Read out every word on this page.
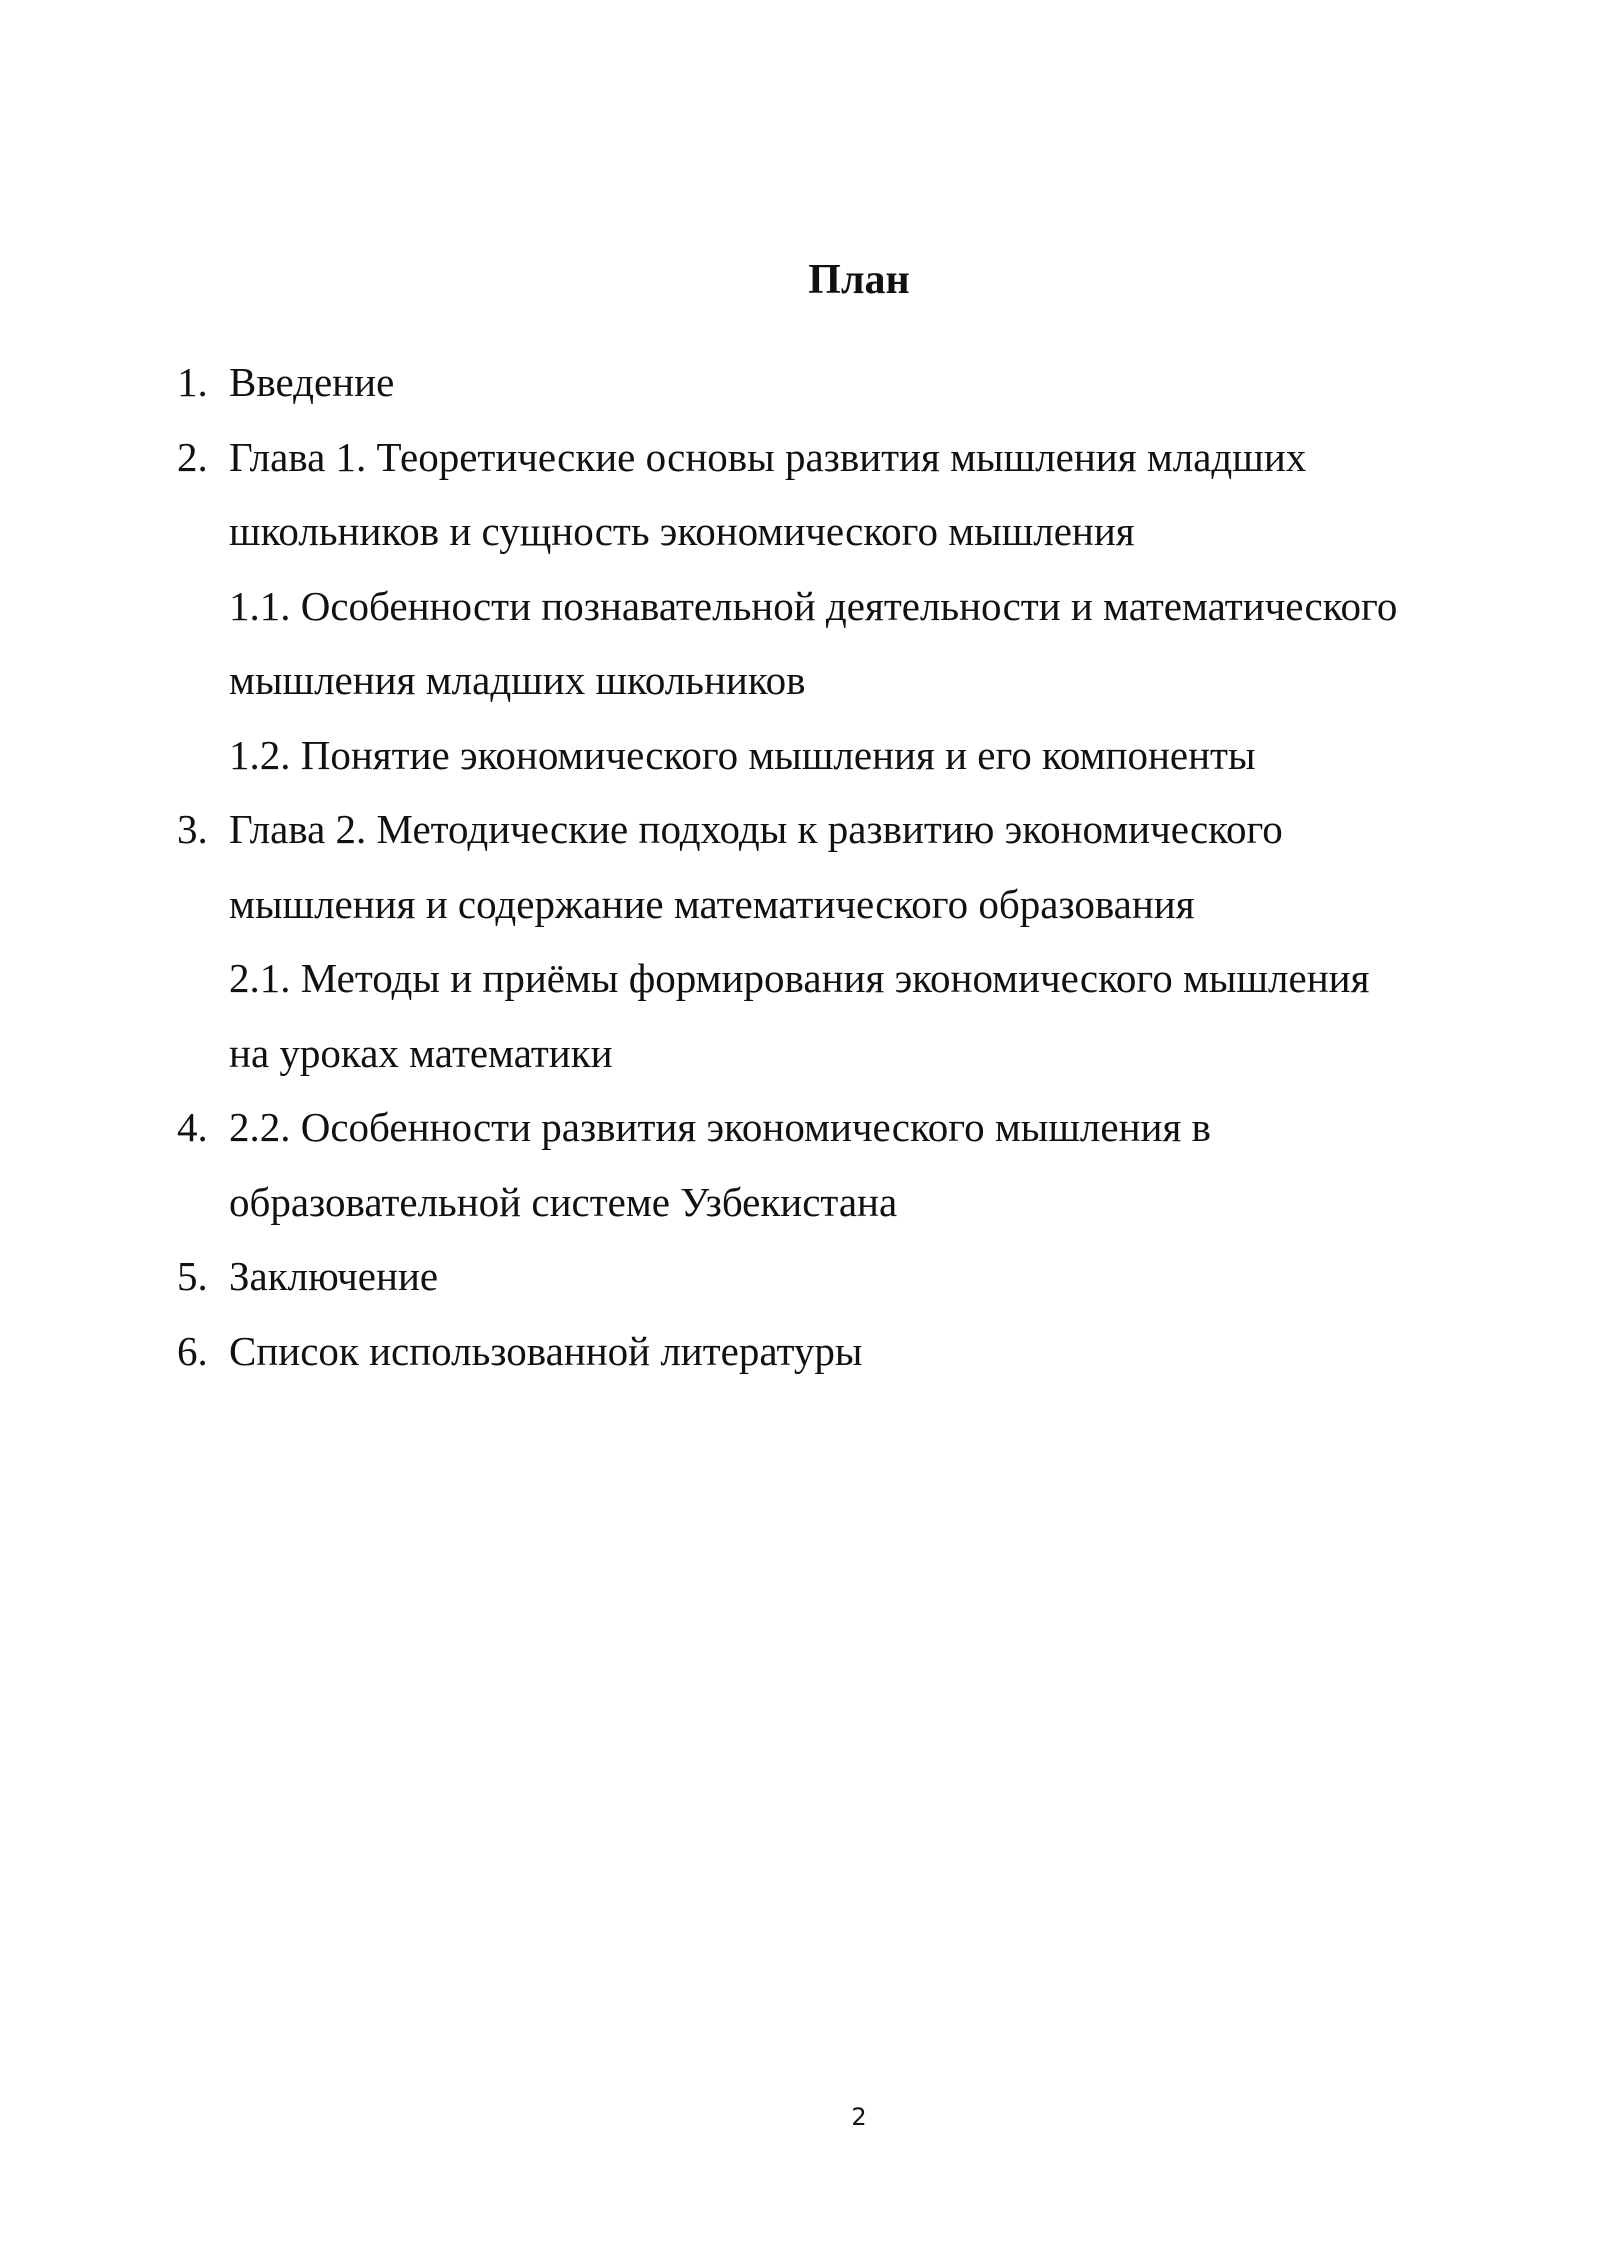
План
1. Введение
2. Глава 1. Теоретические основы развития мышления младших
школьников и сущность экономического мышления
1.1. Особенности познавательной деятельности и математического
мышления младших школьников
1.2. Понятие экономического мышления и его компоненты
3. Глава 2. Методические подходы к развитию экономического
мышления и содержание математического образования
2.1. Методы и приёмы формирования экономического мышления
на уроках математики
4. 2.2. Особенности развития экономического мышления в
образовательной системе Узбекистана
5. Заключение
6. Список использованной литературы
2
